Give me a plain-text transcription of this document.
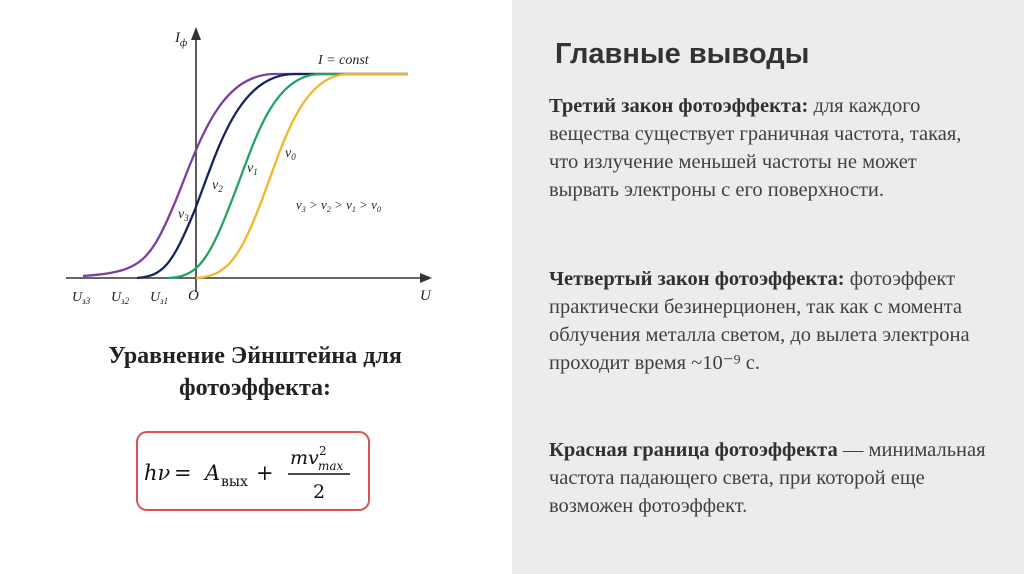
$I_ф$
U
O
I = const
$U_{з3}$ $U_{з2}$ $U_{з1}$
$\nu_3$
$\nu_2$
$\nu_1$
$\nu_0$
$\nu_3 > \nu_2 > \nu_1 > \nu_0$
Уравнение Эйнштейна для
фотоэффекта:
hν = A вых +
mv 2
max
2
Главные выводы
Третий закон фотоэффекта: для каждого вещества существует граничная частота, такая, что излучение меньшей частоты не может вырвать электроны с его поверхности.
Четвертый закон фотоэффекта: фотоэффект практически безинерционен, так как с момента облучения металла светом, до вылета электрона проходит время ~10⁻⁹ с.
Красная граница фотоэффекта — минимальная частота падающего света, при которой еще возможен фотоэффект.
